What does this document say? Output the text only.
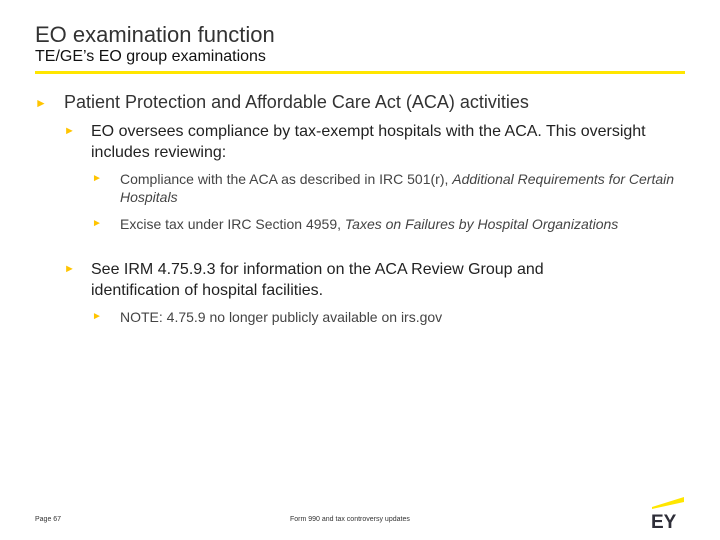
EO examination function
TE/GE’s EO group examinations
► Patient Protection and Affordable Care Act (ACA) activities
► EO oversees compliance by tax-exempt hospitals with the ACA. This oversight includes reviewing:
► Compliance with the ACA as described in IRC 501(r), Additional Requirements for Certain Hospitals
► Excise tax under IRC Section 4959, Taxes on Failures by Hospital Organizations
► See IRM 4.75.9.3 for information on the ACA Review Group and identification of hospital facilities.
► NOTE: 4.75.9 no longer publicly available on irs.gov
Page 67	Form 990 and tax controversy updates	EY
